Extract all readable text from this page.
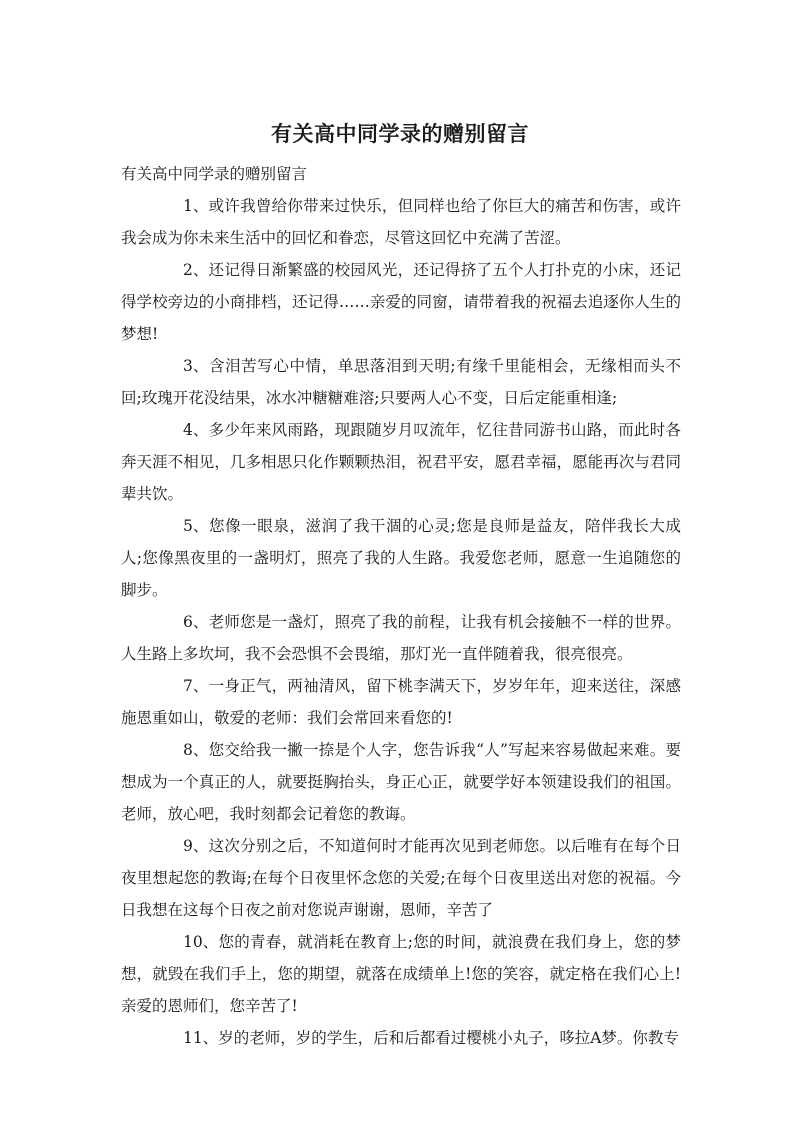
有关高中同学录的赠别留言

有关高中同学录的赠别留言

1、或许我曾给你带来过快乐，但同样也给了你巨大的痛苦和伤害，或许我会成为你未来生活中的回忆和眷恋，尽管这回忆中充满了苦涩。

2、还记得日渐繁盛的校园风光，还记得挤了五个人打扑克的小床，还记得学校旁边的小商排档，还记得……亲爱的同窗，请带着我的祝福去追逐你人生的梦想!

3、含泪苦写心中情，单思落泪到天明;有缘千里能相会，无缘相而头不回;玫瑰开花没结果，冰水冲糖糖难溶;只要两人心不变，日后定能重相逢;

4、多少年来风雨路，现跟随岁月叹流年，忆往昔同游书山路，而此时各奔天涯不相见，几多相思只化作颗颗热泪，祝君平安，愿君幸福，愿能再次与君同辈共饮。

5、您像一眼泉，滋润了我干涸的心灵;您是良师是益友，陪伴我长大成人;您像黑夜里的一盏明灯，照亮了我的人生路。我爱您老师，愿意一生追随您的脚步。

6、老师您是一盏灯，照亮了我的前程，让我有机会接触不一样的世界。人生路上多坎坷，我不会恐惧不会畏缩，那灯光一直伴随着我，很亮很亮。

7、一身正气，两袖清风，留下桃李满天下，岁岁年年，迎来送往，深感施恩重如山，敬爱的老师：我们会常回来看您的!

8、您交给我一撇一捺是个人字，您告诉我“人”写起来容易做起来难。要想成为一个真正的人，就要挺胸抬头，身正心正，就要学好本领建设我们的祖国。老师，放心吧，我时刻都会记着您的教诲。

9、这次分别之后，不知道何时才能再次见到老师您。以后唯有在每个日夜里想起您的教诲;在每个日夜里怀念您的关爱;在每个日夜里送出对您的祝福。今日我想在这每个日夜之前对您说声谢谢，恩师，辛苦了

10、您的青春，就消耗在教育上;您的时间，就浪费在我们身上，您的梦想，就毁在我们手上，您的期望，就落在成绩单上!您的笑容，就定格在我们心上!亲爱的恩师们，您辛苦了!

11、岁的老师，岁的学生，后和后都看过樱桃小丸子，哆拉A梦。你教专
